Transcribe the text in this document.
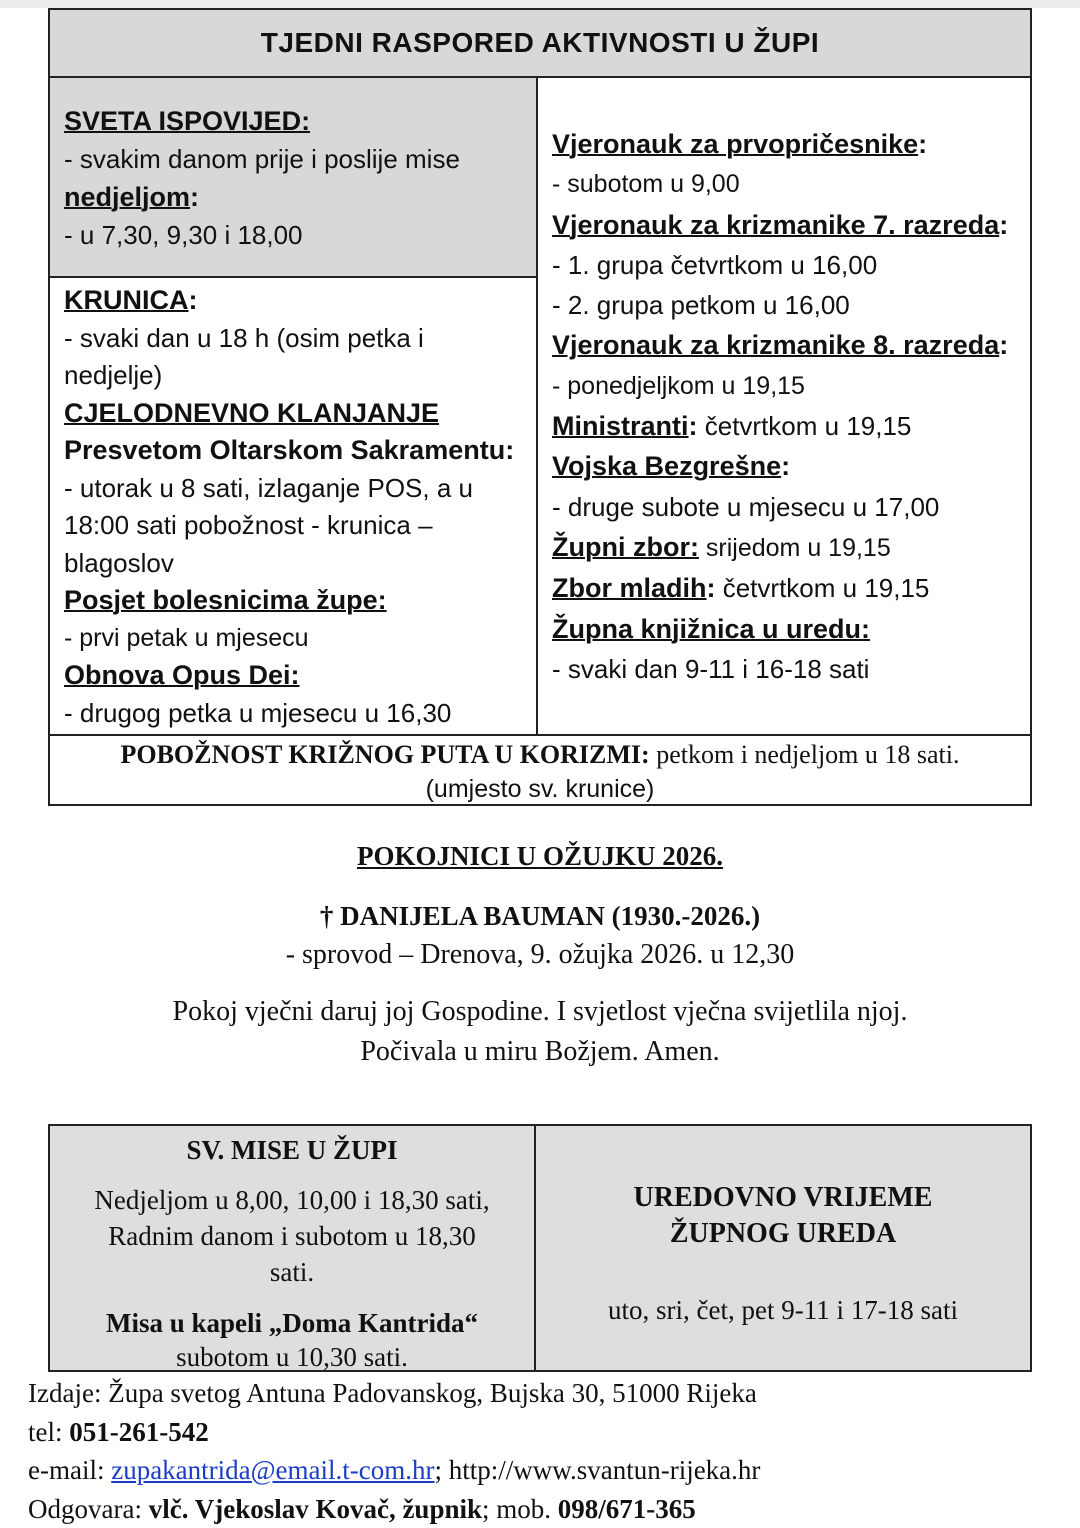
TJEDNI RASPORED AKTIVNOSTI U ŽUPI
SVETA ISPOVIJED:
- svakim danom prije i poslije mise
nedjeljom:
- u 7,30, 9,30 i 18,00
KRUNICA:
- svaki dan u 18 h (osim petka i
nedjelje)
CJELODNEVNO KLANJANJE
Presvetom Oltarskom Sakramentu:
- utorak u 8 sati, izlaganje POS, a u
18:00 sati pobožnost - krunica –
blagoslov
Posjet bolesnicima župe:
- prvi petak u mjesecu
Obnova Opus Dei:
- drugog petka u mjesecu u 16,30
Vjeronauk za prvopričesnike:
- subotom u 9,00
Vjeronauk za krizmanike 7. razreda:
- 1. grupa četvrtkom u 16,00
- 2. grupa petkom u 16,00
Vjeronauk za krizmanike 8. razreda:
- ponedjeljkom u 19,15
Ministranti: četvrtkom u 19,15
Vojska Bezgrešne:
- druge subote u mjesecu u 17,00
Župni zbor: srijedom u 19,15
Zbor mladih: četvrtkom u 19,15
Župna knjižnica u uredu:
- svaki dan 9-11 i 16-18 sati
POBOŽNOST KRIŽNOG PUTA U KORIZMI: petkom i nedjeljom u 18 sati.
(umjesto sv. krunice)
POKOJNICI U OŽUJKU 2026.
† DANIJELA BAUMAN (1930.-2026.)
- sprovod – Drenova, 9. ožujka 2026. u 12,30
Pokoj vječni daruj joj Gospodine. I svjetlost vječna svijetlila njoj.
Počivala u miru Božjem. Amen.
SV. MISE U ŽUPI
Nedjeljom u 8,00, 10,00 i 18,30 sati,
Radnim danom i subotom u 18,30
sati.
Misa u kapeli „Doma Kantrida“
subotom u 10,30 sati.
UREDOVNO VRIJEME
ŽUPNOG UREDA
uto, sri, čet, pet 9-11 i 17-18 sati
Izdaje: Župa svetog Antuna Padovanskog, Bujska 30, 51000 Rijeka
tel: 051-261-542
e-mail: zupakantrida@email.t-com.hr; http://www.svantun-rijeka.hr
Odgovara: vlč. Vjekoslav Kovač, župnik; mob. 098/671-365
